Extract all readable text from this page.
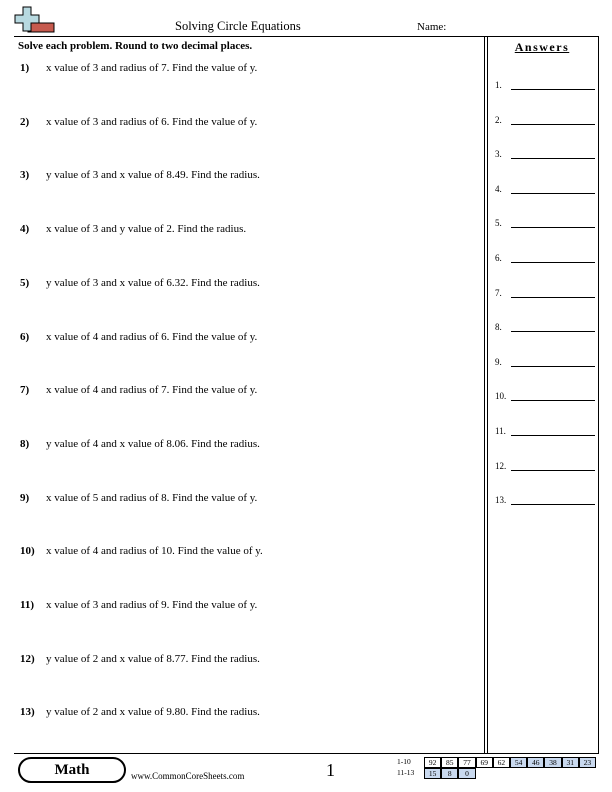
Solving Circle Equations	Name:
Solve each problem. Round to two decimal places.
1) x value of 3 and radius of 7. Find the value of y.
2) x value of 3 and radius of 6. Find the value of y.
3) y value of 3 and x value of 8.49. Find the radius.
4) x value of 3 and y value of 2. Find the radius.
5) y value of 3 and x value of 6.32. Find the radius.
6) x value of 4 and radius of 6. Find the value of y.
7) x value of 4 and radius of 7. Find the value of y.
8) y value of 4 and x value of 8.06. Find the radius.
9) x value of 5 and radius of 8. Find the value of y.
10) x value of 4 and radius of 10. Find the value of y.
11) x value of 3 and radius of 9. Find the value of y.
12) y value of 2 and x value of 8.77. Find the radius.
13) y value of 2 and x value of 9.80. Find the radius.
Answers
1.
2.
3.
4.
5.
6.
7.
8.
9.
10.
11.
12.
13.
Math	www.CommonCoreSheets.com	1	1-10	92	85	77	69	62	54	46	38	31	23
11-13	15	8	0
